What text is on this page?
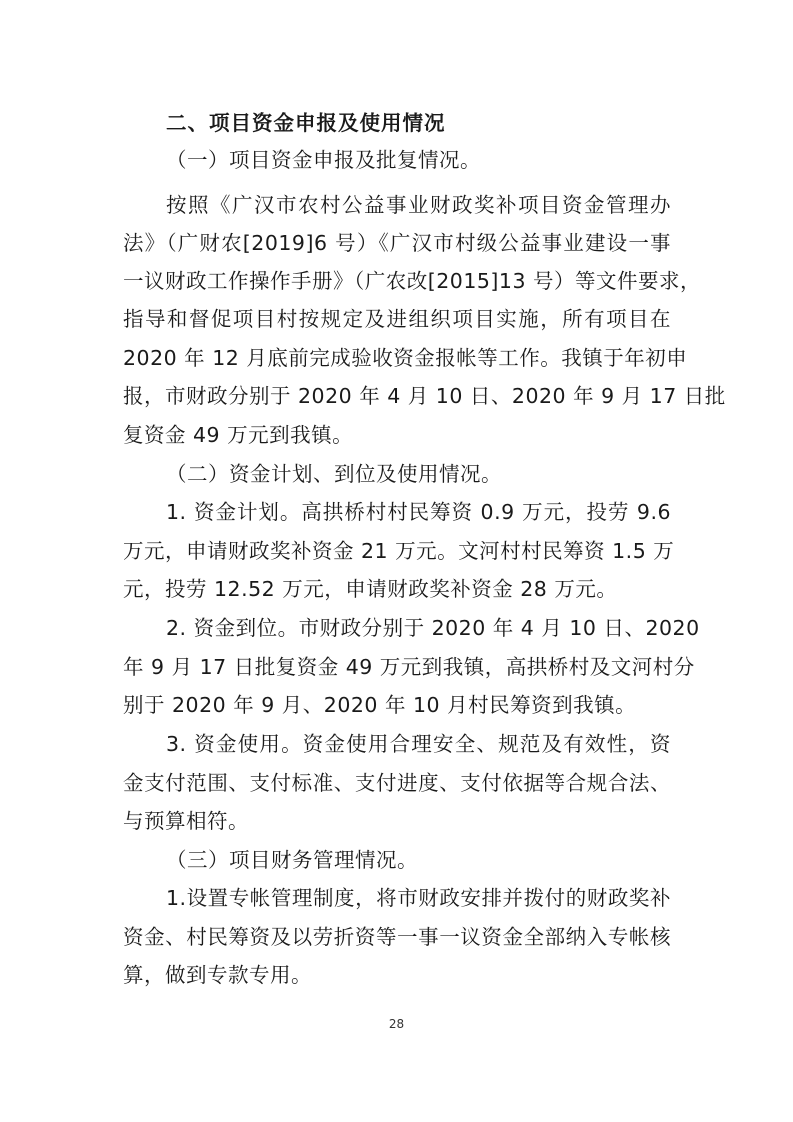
二、项目资金申报及使用情况
（一）项目资金申报及批复情况。
按照《广汉市农村公益事业财政奖补项目资金管理办
法》（广财农[2019]6 号）《广汉市村级公益事业建设一事
一议财政工作操作手册》（广农改[2015]13 号）等文件要求，
指导和督促项目村按规定及进组织项目实施，所有项目在
2020 年 12 月底前完成验收资金报帐等工作。我镇于年初申
报，市财政分别于 2020 年 4 月 10 日、2020 年 9 月 17 日批
复资金 49 万元到我镇。
（二）资金计划、到位及使用情况。
1. 资金计划。高拱桥村村民筹资 0.9 万元，投劳 9.6
万元，申请财政奖补资金 21 万元。文河村村民筹资 1.5 万
元，投劳 12.52 万元，申请财政奖补资金 28 万元。
2. 资金到位。市财政分别于 2020 年 4 月 10 日、2020
年 9 月 17 日批复资金 49 万元到我镇，高拱桥村及文河村分
别于 2020 年 9 月、2020 年 10 月村民筹资到我镇。
3. 资金使用。资金使用合理安全、规范及有效性，资
金支付范围、支付标准、支付进度、支付依据等合规合法、
与预算相符。
（三）项目财务管理情况。
1.设置专帐管理制度，将市财政安排并拨付的财政奖补
资金、村民筹资及以劳折资等一事一议资金全部纳入专帐核
算，做到专款专用。
28
